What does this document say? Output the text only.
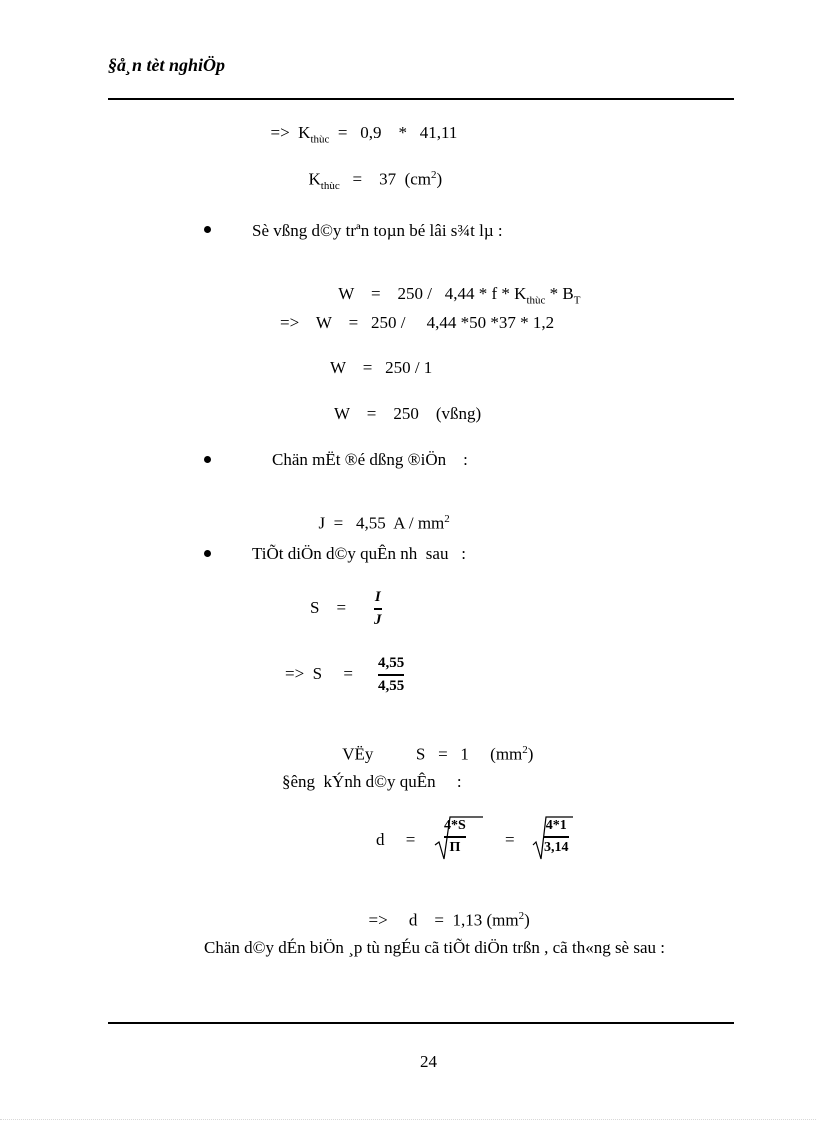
§å¸n tèt nghiÖp

=>  $K_{thùc} = 0,9$    *   41,11

$K_{thùc}$   =    37  $(cm^2)$

Sè vßng d©y trªn toµn bé lâi s¾t lµ :

W    =    250 /   4,44 * f * $K_{thùc} * B_T$

=>    W    =   250 /     4,44 *50 *37 * 1,2
W    =   250 / 1
W    =    250    (vßng)
Chän mËt ®é dßng ®iÖn    :

J  =   4,55  A / $mm^2$

TiÕt diÖn d©y quÊn nh  sau   :
S    =
I
J
=>  S     =
4,55
4,55

VËy          S   =   1     $(mm^2)$

§êng  kÝnh d©y quÊn     :
d     =
4*S
Π	=
4*1
3,14

=>     d    =  1,13 $(mm^2)$

Chän d©y dÉn biÖn ¸p tù ngÉu cã tiÕt diÖn trßn , cã th«ng sè sau :
24
